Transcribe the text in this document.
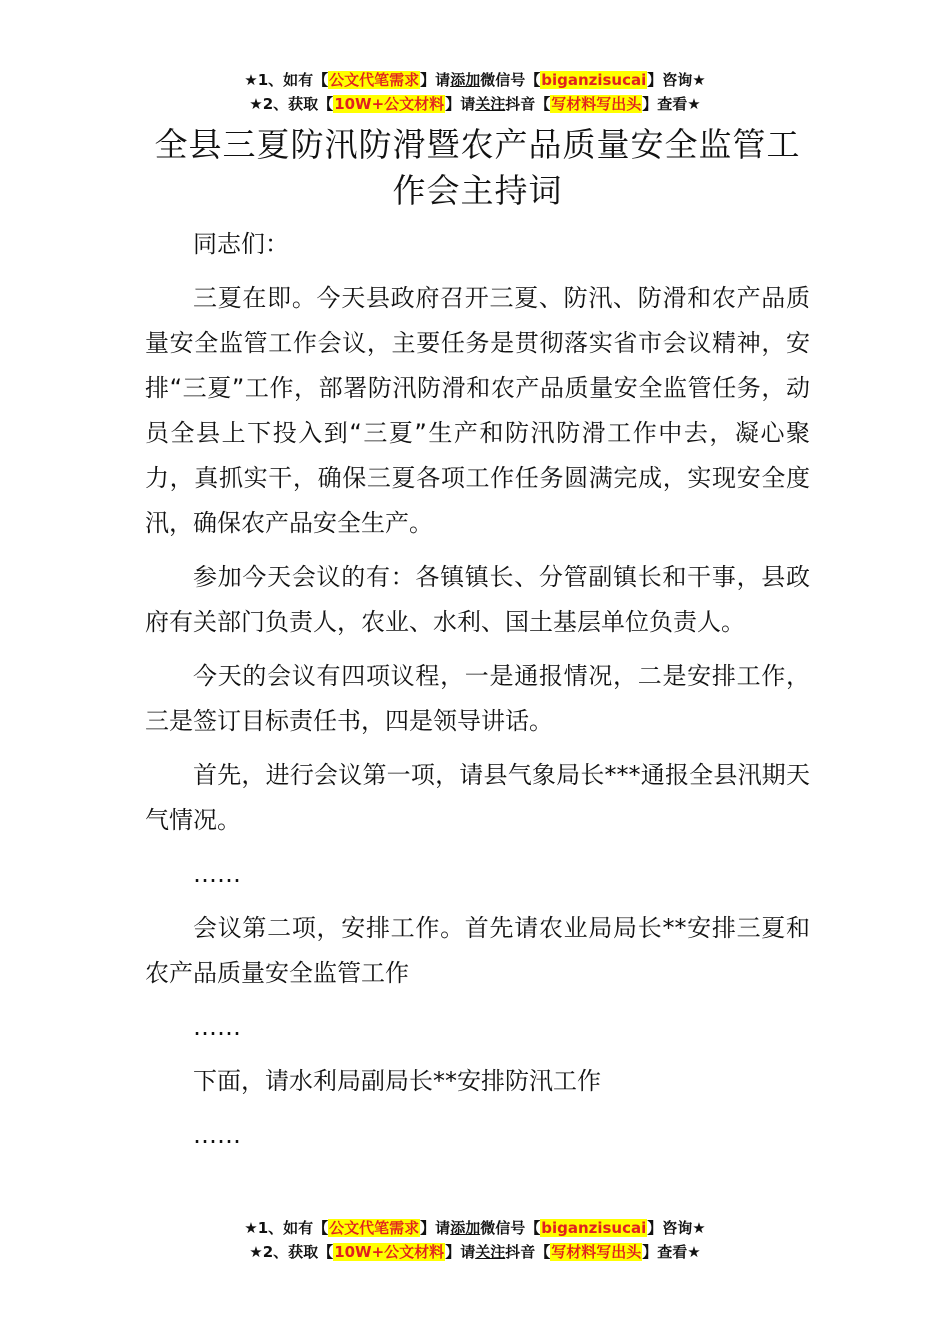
★1、如有【公文代笔需求】请添加微信号【biganzisucai】咨询★
★2、获取【10W+公文材料】请关注抖音【写材料写出头】查看★
全县三夏防汛防滑暨农产品质量安全监管工作会主持词

同志们：

三夏在即。今天县政府召开三夏、防汛、防滑和农产品质量安全监管工作会议，主要任务是贯彻落实省市会议精神，安排“三夏”工作，部署防汛防滑和农产品质量安全监管任务，动员全县上下投入到“三夏”生产和防汛防滑工作中去，凝心聚力，真抓实干，确保三夏各项工作任务圆满完成，实现安全度汛，确保农产品安全生产。

参加今天会议的有：各镇镇长、分管副镇长和干事，县政府有关部门负责人，农业、水利、国土基层单位负责人。

今天的会议有四项议程，一是通报情况，二是安排工作，三是签订目标责任书，四是领导讲话。

首先，进行会议第一项，请县气象局长***通报全县汛期天气情况。

……

会议第二项，安排工作。首先请农业局局长**安排三夏和农产品质量安全监管工作

……

下面，请水利局副局长**安排防汛工作

……

★1、如有【公文代笔需求】请添加微信号【biganzisucai】咨询★
★2、获取【10W+公文材料】请关注抖音【写材料写出头】查看★
